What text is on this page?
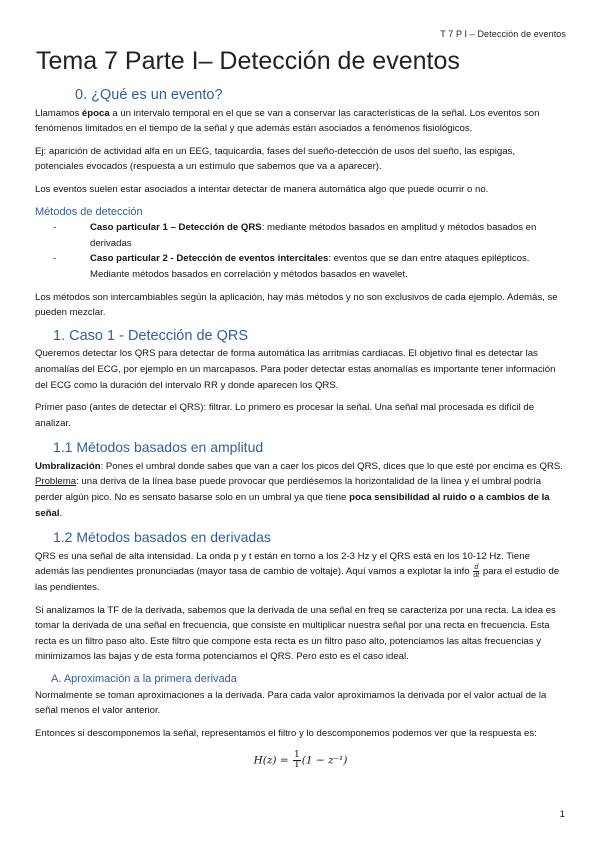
T 7 P I – Detección de eventos
Tema 7 Parte I– Detección de eventos
0. ¿Qué es un evento?

Llamamos época a un intervalo temporal en el que se van a conservar las características de la señal. Los eventos son fenómenos limitados en el tiempo de la señal y que además están asociados a fenómenos fisiológicos.

Ej: aparición de actividad alfa en un EEG, taquicardia, fases del sueño-detección de usos del sueño, las espigas, potenciales evocados (respuesta a un estímulo que sabemos que va a aparecer).

Los eventos suelen estar asociados a intentar detectar de manera automática algo que puede ocurrir o no.

Métodos de detección
- Caso particular 1 – Detección de QRS: mediante métodos basados en amplitud y métodos basados en derivadas
- Caso particular 2 - Detección de eventos intercitales: eventos que se dan entre ataques epilépticos. Mediante métodos basados en correlación y métodos basados en wavelet.

Los métodos son intercambiables según la aplicación, hay más métodos y no son exclusivos de cada ejemplo. Además, se pueden mezclar.

1. Caso 1 - Detección de QRS

Queremos detectar los QRS para detectar de forma automática las arritmias cardiacas. El objetivo final es detectar las anomalías del ECG, por ejemplo en un marcapasos. Para poder detectar estas anomalías es importante tener información del ECG como la duración del intervalo RR y donde aparecen los QRS.

Primer paso (antes de detectar el QRS): filtrar. Lo primero es procesar la señal. Una señal mal procesada es difícil de analizar.

1.1 Métodos basados en amplitud

Umbralización: Pones el umbral donde sabes que van a caer los picos del QRS, dices que lo que esté por encima es QRS. Problema: una deriva de la línea base puede provocar que perdiésemos la horizontalidad de la línea y el umbral podría perder algún pico. No es sensato basarse solo en un umbral ya que tiene poca sensibilidad al ruido o a cambios de la señal.

1.2 Métodos basados en derivadas

QRS es una señal de alta intensidad. La onda p y t están en torno a los 2-3 Hz y el QRS está en los 10-12 Hz. Tiene además las pendientes pronunciadas (mayor tasa de cambio de voltaje). Aquí vamos a explotar la info $\frac{d}{dt}$ para el estudio de las pendientes.

Si analizamos la TF de la derivada, sabemos que la derivada de una señal en freq se caracteriza por una recta. La idea es tomar la derivada de una señal en frecuencia, que consiste en multiplicar nuestra señal por una recta en frecuencia. Esta recta es un filtro paso alto. Este filtro que compone esta recta es un filtro paso alto, potenciamos las altas frecuencias y minimizamos las bajas y de esta forma potenciamos el QRS. Pero esto es el caso ideal.

A. Aproximación a la primera derivada

Normalmente se toman aproximaciones a la derivada. Para cada valor aproximamos la derivada por el valor actual de la señal menos el valor anterior.

Entonces si descomponemos la señal, representamos el filtro y lo descomponemos podemos ver que la respuesta es:

$H(z) = \frac{1}{T} (1 - z^{-1})$
1
